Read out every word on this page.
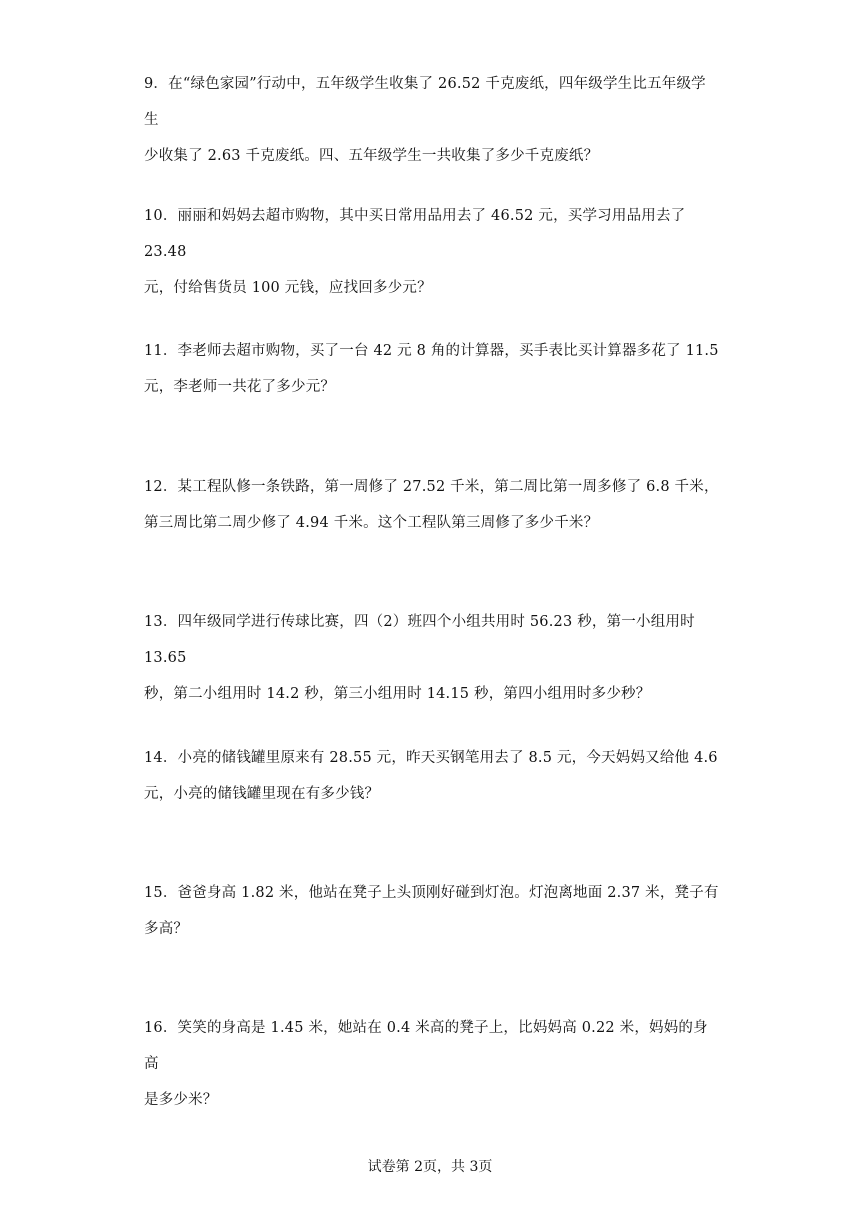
9．在“绿色家园”行动中，五年级学生收集了 26.52 千克废纸，四年级学生比五年级学生
少收集了 2.63 千克废纸。四、五年级学生一共收集了多少千克废纸？
10．丽丽和妈妈去超市购物，其中买日常用品用去了 46.52 元，买学习用品用去了 23.48
元，付给售货员 100 元钱，应找回多少元？
11．李老师去超市购物，买了一台 42 元 8 角的计算器，买手表比买计算器多花了 11.5
元，李老师一共花了多少元？
12．某工程队修一条铁路，第一周修了 27.52 千米，第二周比第一周多修了 6.8 千米，
第三周比第二周少修了 4.94 千米。这个工程队第三周修了多少千米？
13．四年级同学进行传球比赛，四（2）班四个小组共用时 56.23 秒，第一小组用时 13.65
秒，第二小组用时 14.2 秒，第三小组用时 14.15 秒，第四小组用时多少秒？
14．小亮的储钱罐里原来有 28.55 元，昨天买钢笔用去了 8.5 元，今天妈妈又给他 4.6
元，小亮的储钱罐里现在有多少钱？
15．爸爸身高 1.82 米，他站在凳子上头顶刚好碰到灯泡。灯泡离地面 2.37 米，凳子有
多高？
16．笑笑的身高是 1.45 米，她站在 0.4 米高的凳子上，比妈妈高 0.22 米，妈妈的身高
是多少米？
试卷第 2页，共 3页
